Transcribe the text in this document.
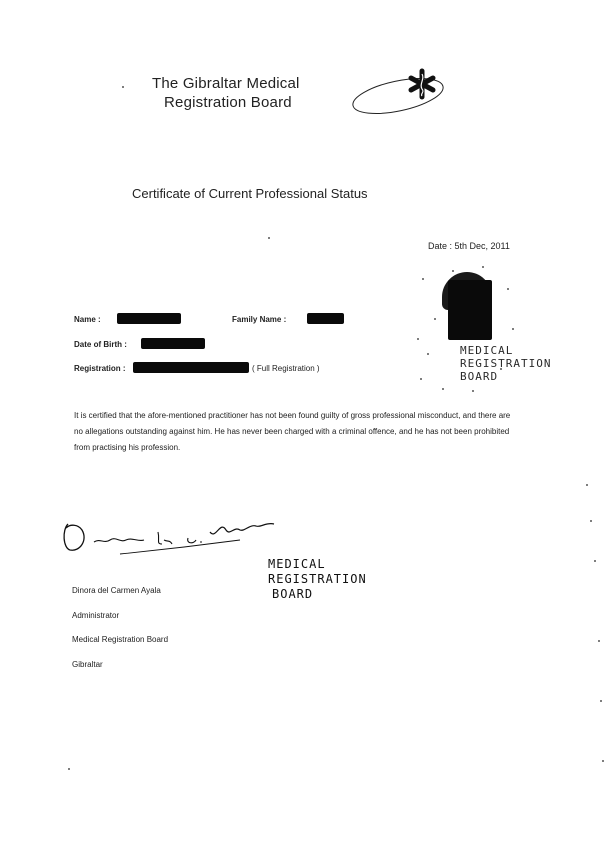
The Gibraltar Medical
Registration Board
Certificate of Current Professional Status
Date : 5th Dec, 2011
MEDICAL
REGISTRATION
BOARD
Name :	Family Name :
Date of Birth :
Registration :	( Full Registration )
It is certified that the afore-mentioned practitioner has not been found guilty of gross professional misconduct, and there are no allegations outstanding against him. He has never been charged with a criminal offence, and he has not been prohibited from practising his profession.
MEDICAL
REGISTRATION
BOARD
Dinora del Carmen Ayala
Administrator
Medical Registration Board
Gibraltar
